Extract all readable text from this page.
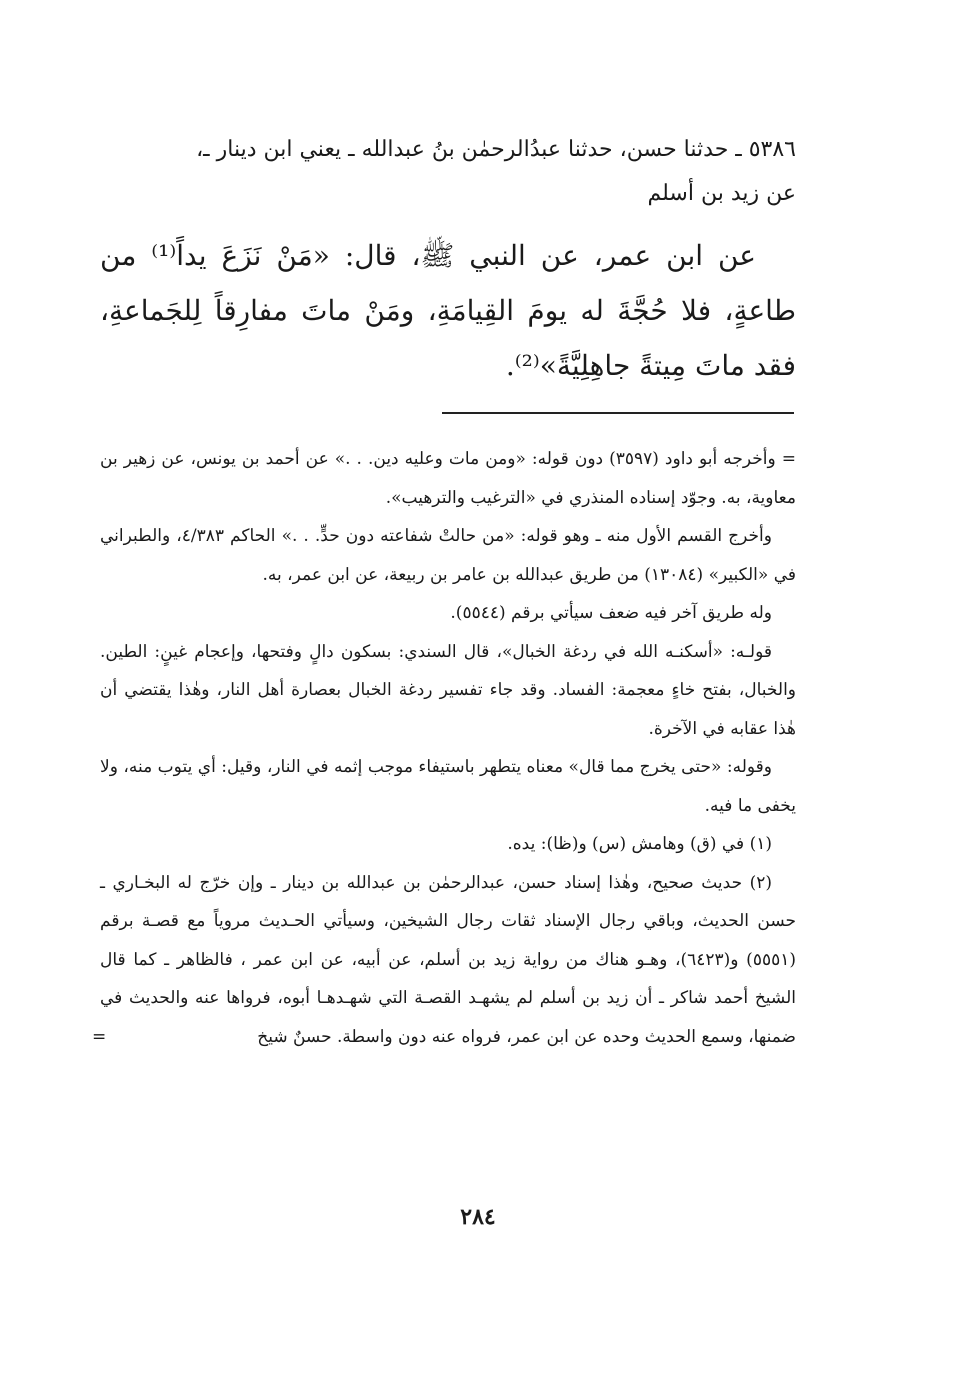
٥٣٨٦ ـ حدثنا حسن، حدثنا عبدُالرحمٰن بنُ عبدالله ـ يعني ابن دينار ـ،

عن زيد بن أسلم

عن ابن عمر، عن النبي ﷺ، قال: «مَنْ نَزَعَ يداً⁽¹⁾ من طاعةٍ، فلا حُجَّةَ له يومَ القِيامَةِ، ومَنْ ماتَ مفارِقاً لِلجَماعةِ، فقد ماتَ مِيتةً جاهِلِيَّةً»⁽²⁾.

= وأخرجه أبو داود (٣٥٩٧) دون قوله: «ومن مات وعليه دين. . .» عن أحمد بن يونس، عن زهير بن معاوية، به. وجوّد إسناده المنذري في «الترغيب والترهيب».

وأخرج القسم الأول منه ـ وهو قوله: «من حالتْ شفاعته دون حدٍّ. . .» الحاكم ٤/٣٨٣، والطبراني في «الكبير» (١٣٠٨٤) من طريق عبدالله بن عامر بن ربيعة، عن ابن عمر، به.

وله طريق آخر فيه ضعف سيأتي برقم (٥٥٤٤).

قولـه: «أسكنـه الله في ردغة الخبال»، قال السندي: بسكون دالٍ وفتحها، وإعجام غينٍ: الطين. والخبال، بفتح خاءٍ معجمة: الفساد. وقد جاء تفسير ردغة الخبال بعصارة أهل النار، وهٰذا يقتضي أن هٰذا عقابه في الآخرة.

وقوله: «حتى يخرج مما قال» معناه يتطهر باستيفاء موجب إثمه في النار، وقيل: أي يتوب منه، ولا يخفى ما فيه.

(١) في (ق) وهامش (س) و(ظا): يده.

(٢) حديث صحيح، وهٰذا إسناد حسن، عبدالرحمٰن بن عبدالله بن دينار ـ وإن خرّج له البخـاري ـ حسن الحديث، وباقي رجال الإسناد ثقات رجال الشيخين، وسيأتي الحـديث مروياً مع قصـة برقم (٥٥٥١) و(٦٤٢٣)، وهـو هناك من رواية زيد بن أسلم، عن أبيه، عن ابن عمر ، فالظاهر ـ كما قال الشيخ أحمد شاكر ـ أن زيد بن أسلم لم يشهـد القصـة التي شهـدهـا أبوه، فرواها عنه والحديث في ضمنها، وسمع الحديث وحده عن ابن عمر، فرواه عنه دون واسطة. حسنٌ شيخ
=

٢٨٤
